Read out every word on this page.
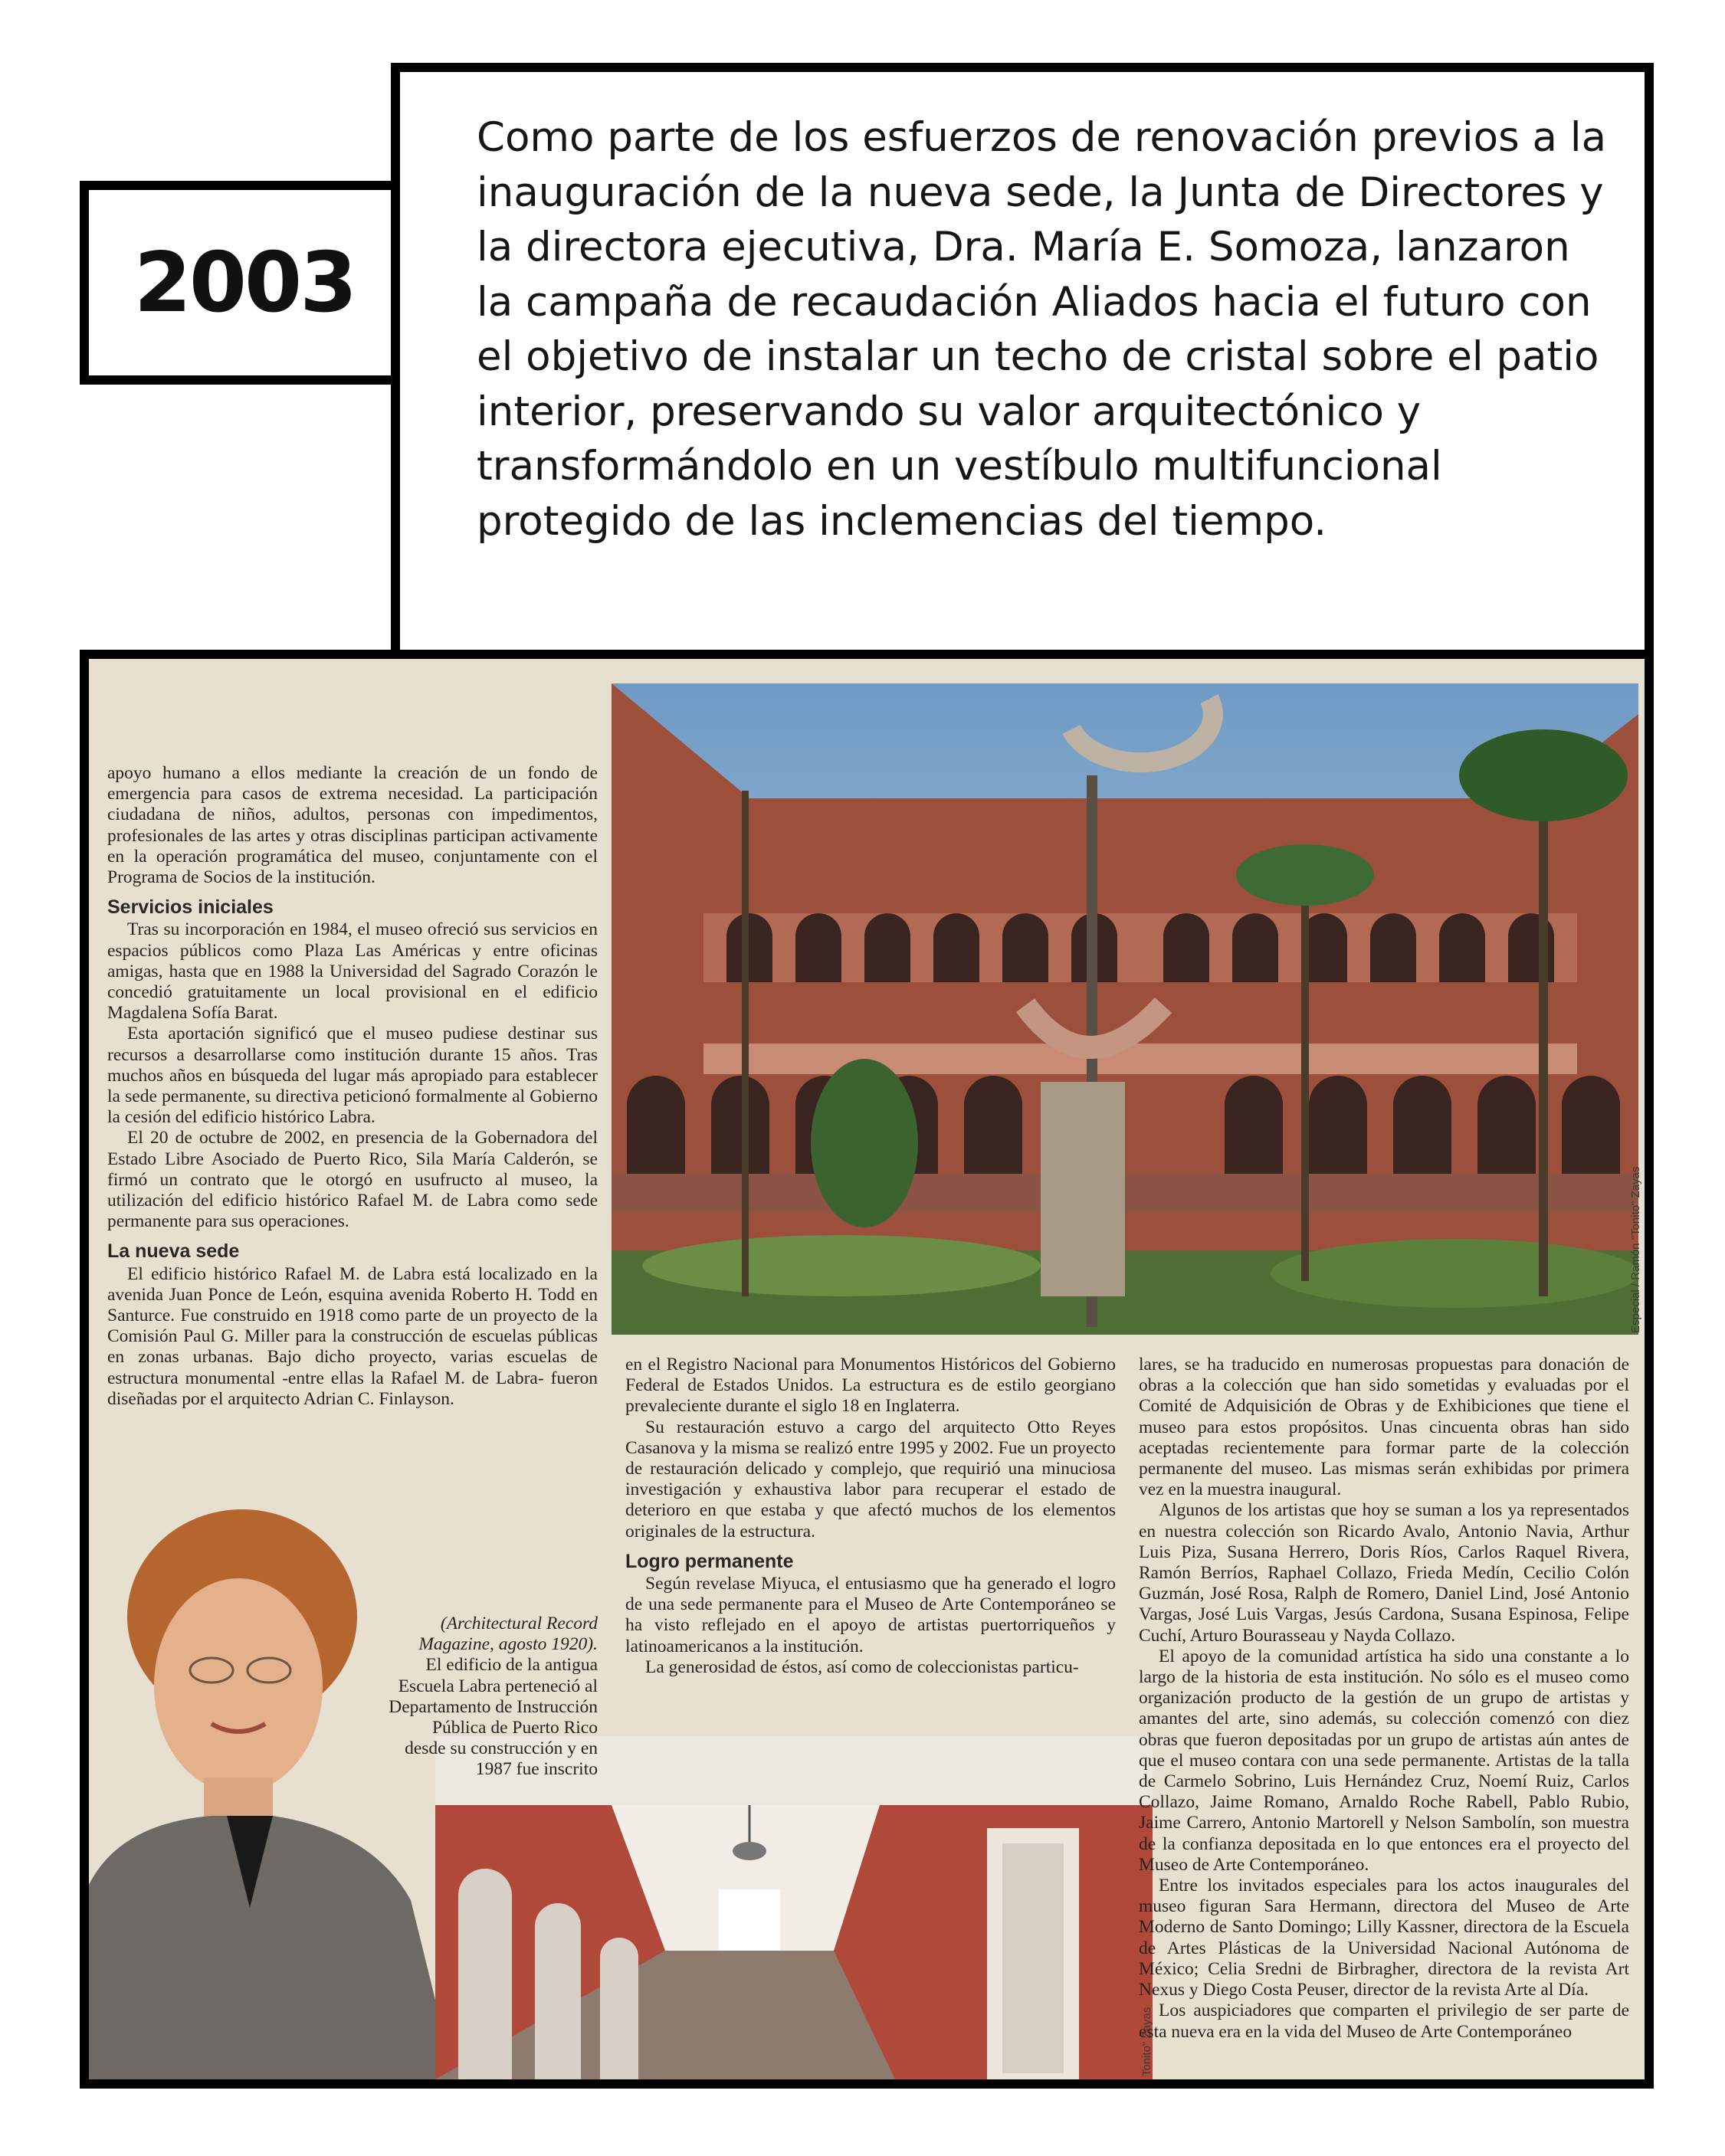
2003

Como parte de los esfuerzos de renovación previos a la inauguración de la nueva sede, la Junta de Directores y la directora ejecutiva, Dra. María E. Somoza, lanzaron la campaña de recaudación Aliados hacia el futuro con el objetivo de instalar un techo de cristal sobre el patio interior, preservando su valor arquitectónico y transformándolo en un vestíbulo multifuncional protegido de las inclemencias del tiempo.

Especial / Ramón "Tonito" Zayas
Tonito" Zayas

apoyo humano a ellos mediante la creación de un fondo de emergencia para casos de extrema necesidad. La participación ciudadana de niños, adultos, personas con impedimentos, profesionales de las artes y otras disciplinas participan activamente en la operación programática del museo, conjuntamente con el Programa de Socios de la institución.

Servicios iniciales

Tras su incorporación en 1984, el museo ofreció sus servicios en espacios públicos como Plaza Las Américas y entre oficinas amigas, hasta que en 1988 la Universidad del Sagrado Corazón le concedió gratuitamente un local provisional en el edificio Magdalena Sofía Barat.

Esta aportación significó que el museo pudiese destinar sus recursos a desarrollarse como institución durante 15 años. Tras muchos años en búsqueda del lugar más apropiado para establecer la sede permanente, su directiva peticionó formalmente al Gobierno la cesión del edificio histórico Labra.

El 20 de octubre de 2002, en presencia de la Gobernadora del Estado Libre Asociado de Puerto Rico, Sila María Calderón, se firmó un contrato que le otorgó en usufructo al museo, la utilización del edificio histórico Rafael M. de Labra como sede permanente para sus operaciones.

La nueva sede

El edificio histórico Rafael M. de Labra está localizado en la avenida Juan Ponce de León, esquina avenida Roberto H. Todd en Santurce. Fue construido en 1918 como parte de un proyecto de la Comisión Paul G. Miller para la construcción de escuelas públicas en zonas urbanas. Bajo dicho proyecto, varias escuelas de estructura monumental -entre ellas la Rafael M. de Labra- fueron diseñadas por el arquitecto Adrian C. Finlayson.

(Architectural Record Magazine, agosto 1920).

El edificio de la antigua Escuela Labra perteneció al Departamento de Instrucción Pública de Puerto Rico desde su construcción y en 1987 fue inscrito

en el Registro Nacional para Monumentos Históricos del Gobierno Federal de Estados Unidos. La estructura es de estilo georgiano prevaleciente durante el siglo 18 en Inglaterra.

Su restauración estuvo a cargo del arquitecto Otto Reyes Casanova y la misma se realizó entre 1995 y 2002. Fue un proyecto de restauración delicado y complejo, que requirió una minuciosa investigación y exhaustiva labor para recuperar el estado de deterioro en que estaba y que afectó muchos de los elementos originales de la estructura.

Logro permanente

Según revelase Miyuca, el entusiasmo que ha generado el logro de una sede permanente para el Museo de Arte Contemporáneo se ha visto reflejado en el apoyo de artistas puertorriqueños y latinoamericanos a la institución.

La generosidad de éstos, así como de coleccionistas particu-

lares, se ha traducido en numerosas propuestas para donación de obras a la colección que han sido sometidas y evaluadas por el Comité de Adquisición de Obras y de Exhibiciones que tiene el museo para estos propósitos. Unas cincuenta obras han sido aceptadas recientemente para formar parte de la colección permanente del museo. Las mismas serán exhibidas por primera vez en la muestra inaugural.

Algunos de los artistas que hoy se suman a los ya representados en nuestra colección son Ricardo Avalo, Antonio Navia, Arthur Luis Piza, Susana Herrero, Doris Ríos, Carlos Raquel Rivera, Ramón Berríos, Raphael Collazo, Frieda Medín, Cecilio Colón Guzmán, José Rosa, Ralph de Romero, Daniel Lind, José Antonio Vargas, José Luis Vargas, Jesús Cardona, Susana Espinosa, Felipe Cuchí, Arturo Bourasseau y Nayda Collazo.

El apoyo de la comunidad artística ha sido una constante a lo largo de la historia de esta institución. No sólo es el museo como organización producto de la gestión de un grupo de artistas y amantes del arte, sino además, su colección comenzó con diez obras que fueron depositadas por un grupo de artistas aún antes de que el museo contara con una sede permanente. Artistas de la talla de Carmelo Sobrino, Luis Hernández Cruz, Noemí Ruiz, Carlos Collazo, Jaime Romano, Arnaldo Roche Rabell, Pablo Rubio, Jaime Carrero, Antonio Martorell y Nelson Sambolín, son muestra de la confianza depositada en lo que entonces era el proyecto del Museo de Arte Contemporáneo.

Entre los invitados especiales para los actos inaugurales del museo figuran Sara Hermann, directora del Museo de Arte Moderno de Santo Domingo; Lilly Kassner, directora de la Escuela de Artes Plásticas de la Universidad Nacional Autónoma de México; Celia Sredni de Birbragher, directora de la revista Art Nexus y Diego Costa Peuser, director de la revista Arte al Día.

Los auspiciadores que comparten el privilegio de ser parte de esta nueva era en la vida del Museo de Arte Contemporáneo
